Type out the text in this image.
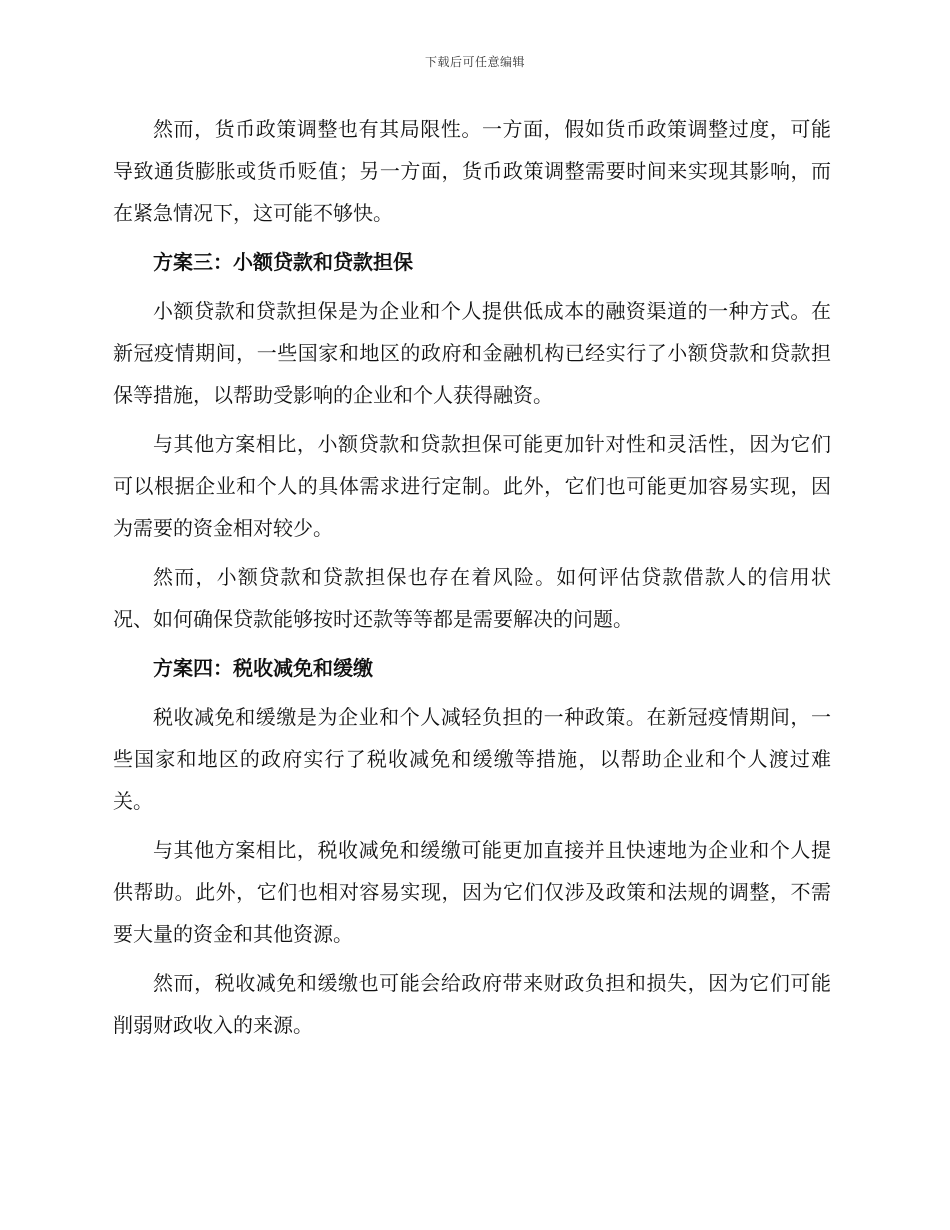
下载后可任意编辑

然而，货币政策调整也有其局限性。一方面，假如货币政策调整过度，可能导致通货膨胀或货币贬值；另一方面，货币政策调整需要时间来实现其影响，而在紧急情况下，这可能不够快。

方案三：小额贷款和贷款担保

小额贷款和贷款担保是为企业和个人提供低成本的融资渠道的一种方式。在新冠疫情期间，一些国家和地区的政府和金融机构已经实行了小额贷款和贷款担保等措施，以帮助受影响的企业和个人获得融资。

与其他方案相比，小额贷款和贷款担保可能更加针对性和灵活性，因为它们可以根据企业和个人的具体需求进行定制。此外，它们也可能更加容易实现，因为需要的资金相对较少。

然而，小额贷款和贷款担保也存在着风险。如何评估贷款借款人的信用状况、如何确保贷款能够按时还款等等都是需要解决的问题。

方案四：税收减免和缓缴

税收减免和缓缴是为企业和个人减轻负担的一种政策。在新冠疫情期间，一些国家和地区的政府实行了税收减免和缓缴等措施，以帮助企业和个人渡过难关。

与其他方案相比，税收减免和缓缴可能更加直接并且快速地为企业和个人提供帮助。此外，它们也相对容易实现，因为它们仅涉及政策和法规的调整，不需要大量的资金和其他资源。

然而，税收减免和缓缴也可能会给政府带来财政负担和损失，因为它们可能削弱财政收入的来源。
